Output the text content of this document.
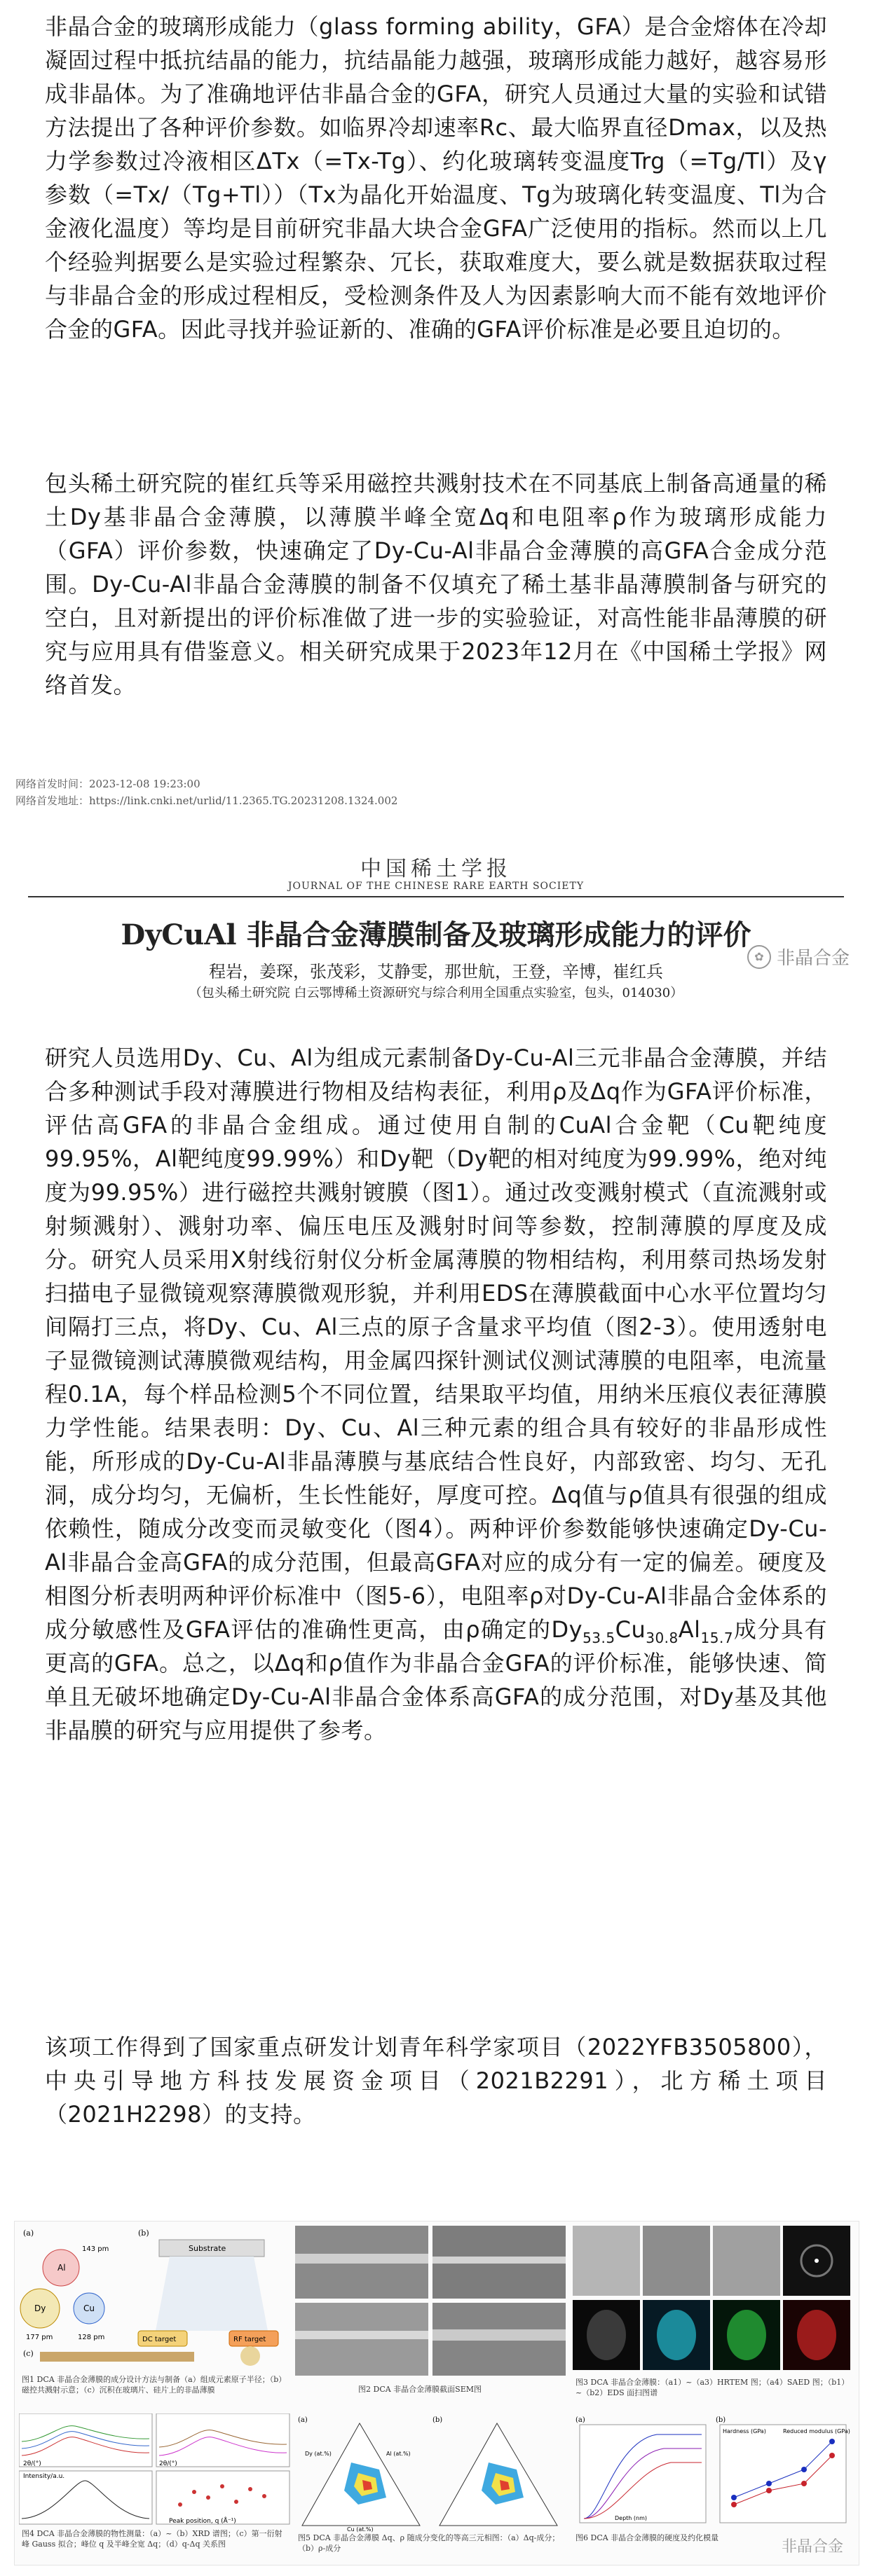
非晶合金的玻璃形成能力（glass forming ability，GFA）是合金熔体在冷却凝固过程中抵抗结晶的能力，抗结晶能力越强，玻璃形成能力越好，越容易形成非晶体。为了准确地评估非晶合金的GFA，研究人员通过大量的实验和试错方法提出了各种评价参数。如临界冷却速率Rc、最大临界直径Dmax，以及热力学参数过冷液相区ΔTx（=Tx-Tg）、约化玻璃转变温度Trg（=Tg/Tl）及γ参数（=Tx/（Tg+Tl））（Tx为晶化开始温度、Tg为玻璃化转变温度、Tl为合金液化温度）等均是目前研究非晶大块合金GFA广泛使用的指标。然而以上几个经验判据要么是实验过程繁杂、冗长，获取难度大，要么就是数据获取过程与非晶合金的形成过程相反，受检测条件及人为因素影响大而不能有效地评价合金的GFA。因此寻找并验证新的、准确的GFA评价标准是必要且迫切的。

包头稀土研究院的崔红兵等采用磁控共溅射技术在不同基底上制备高通量的稀土Dy基非晶合金薄膜，以薄膜半峰全宽Δq和电阻率ρ作为玻璃形成能力（GFA）评价参数，快速确定了Dy-Cu-Al非晶合金薄膜的高GFA合金成分范围。Dy-Cu-Al非晶合金薄膜的制备不仅填充了稀土基非晶薄膜制备与研究的空白，且对新提出的评价标准做了进一步的实验验证，对高性能非晶薄膜的研究与应用具有借鉴意义。相关研究成果于2023年12月在《中国稀土学报》网络首发。

网络首发时间：2023-12-08 19:23:00
网络首发地址：https://link.cnki.net/urlid/11.2365.TG.20231208.1324.002
中国稀土学报
JOURNAL OF THE CHINESE RARE EARTH SOCIETY
DyCuAl 非晶合金薄膜制备及玻璃形成能力的评价
程岩，姜琛，张茂彩，艾静雯，那世航，王登，辛博，崔红兵
（包头稀土研究院 白云鄂博稀土资源研究与综合利用全国重点实验室，包头，014030）
✿ 非晶合金

研究人员选用Dy、Cu、Al为组成元素制备Dy-Cu-Al三元非晶合金薄膜，并结合多种测试手段对薄膜进行物相及结构表征，利用ρ及Δq作为GFA评价标准，评估高GFA的非晶合金组成。通过使用自制的CuAl合金靶（Cu靶纯度99.95%，Al靶纯度99.99%）和Dy靶（Dy靶的相对纯度为99.99%，绝对纯度为99.95%）进行磁控共溅射镀膜（图1）。通过改变溅射模式（直流溅射或射频溅射）、溅射功率、偏压电压及溅射时间等参数，控制薄膜的厚度及成分。研究人员采用X射线衍射仪分析金属薄膜的物相结构，利用蔡司热场发射扫描电子显微镜观察薄膜微观形貌，并利用EDS在薄膜截面中心水平位置均匀间隔打三点，将Dy、Cu、Al三点的原子含量求平均值（图2-3）。使用透射电子显微镜测试薄膜微观结构，用金属四探针测试仪测试薄膜的电阻率，电流量程0.1A，每个样品检测5个不同位置，结果取平均值，用纳米压痕仪表征薄膜力学性能。结果表明：Dy、Cu、Al三种元素的组合具有较好的非晶形成性能，所形成的Dy-Cu-Al非晶薄膜与基底结合性良好，内部致密、均匀、无孔洞，成分均匀，无偏析，生长性能好，厚度可控。Δq值与ρ值具有很强的组成依赖性，随成分改变而灵敏变化（图4）。两种评价参数能够快速确定Dy-Cu-Al非晶合金高GFA的成分范围，但最高GFA对应的成分有一定的偏差。硬度及相图分析表明两种评价标准中（图5-6），电阻率ρ对Dy-Cu-Al非晶合金体系的成分敏感性及GFA评估的准确性更高，由ρ确定的$Dy_{53.5}Cu_{30.8}Al_{15.7}$成分具有更高的GFA。总之，以Δq和ρ值作为非晶合金GFA的评价标准，能够快速、简单且无破坏地确定Dy-Cu-Al非晶合金体系高GFA的成分范围，对Dy基及其他非晶膜的研究与应用提供了参考。

该项工作得到了国家重点研发计划青年科学家项目（2022YFB3505800），中央引导地方科技发展资金项目（2021B2291），北方稀土项目（2021H2298）的支持。

(a)
Al
Dy	Cu
177 pm	128 pm
143 pm
(b)
Substrate
DC target	RF target
(c)
图1 DCA 非晶合金薄膜的成分设计方法与制备（a）组成元素原子半径；（b）磁控共溅射示意；（c）沉积在玻璃片、硅片上的非晶薄膜	图2 DCA 非晶合金薄膜截面SEM图
图3 DCA 非晶合金薄膜：（a1）~（a3）HRTEM 图；（a4）SAED 图；（b1）~（b2）EDS 面扫图谱
2θ/(°)	2θ/(°)
Intensity/a.u.
Peak position, q (Å⁻¹)
图4 DCA 非晶合金薄膜的物性测量：（a）~（b）XRD 谱图；（c）第一衍射峰 Gauss 拟合；峰位 q 及半峰全宽 Δq；（d）q-Δq 关系图
(a)	(b)
Dy (at.%)	Al (at.%)
Cu (at.%)
图5 DCA 非晶合金薄膜 Δq、ρ 随成分变化的等高三元相图：（a）Δq-成分；（b）ρ-成分
(a)
Depth (nm)
(b)
Hardness (GPa)	Reduced modulus (GPa)
图6 DCA 非晶合金薄膜的硬度及约化模量
非晶合金
